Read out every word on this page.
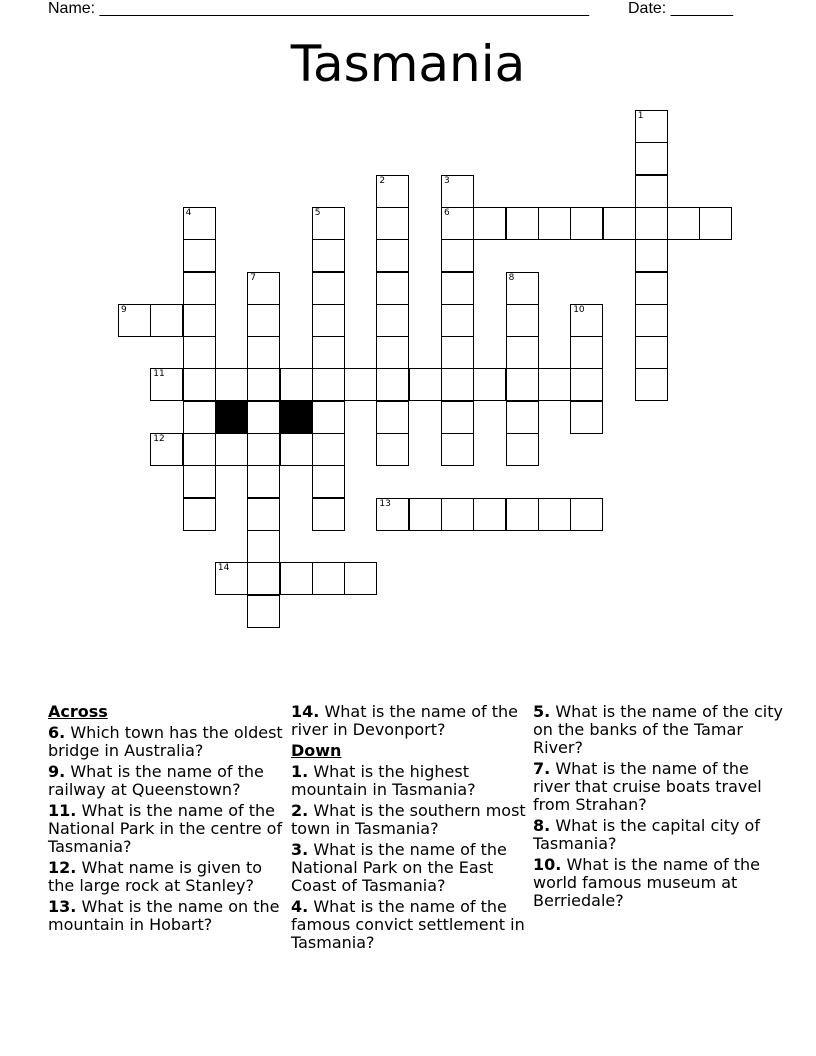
Name: _______________________________________________________ Date: _______
Tasmania
1
2	3
6
4	5
7	8
9	10
11
12
13
14
Across
6. Which town has the oldest bridge in Australia?
9. What is the name of the railway at Queenstown?
11. What is the name of the National Park in the centre of Tasmania?
12. What name is given to the large rock at Stanley?
13. What is the name on the mountain in Hobart?
14. What is the name of the river in Devonport?
Down
1. What is the highest mountain in Tasmania?
2. What is the southern most town in Tasmania?
3. What is the name of the National Park on the East Coast of Tasmania?
4. What is the name of the famous convict settlement in Tasmania?
5. What is the name of the city on the banks of the Tamar River?
7. What is the name of the river that cruise boats travel from Strahan?
8. What is the capital city of Tasmania?
10. What is the name of the world famous museum at Berriedale?
